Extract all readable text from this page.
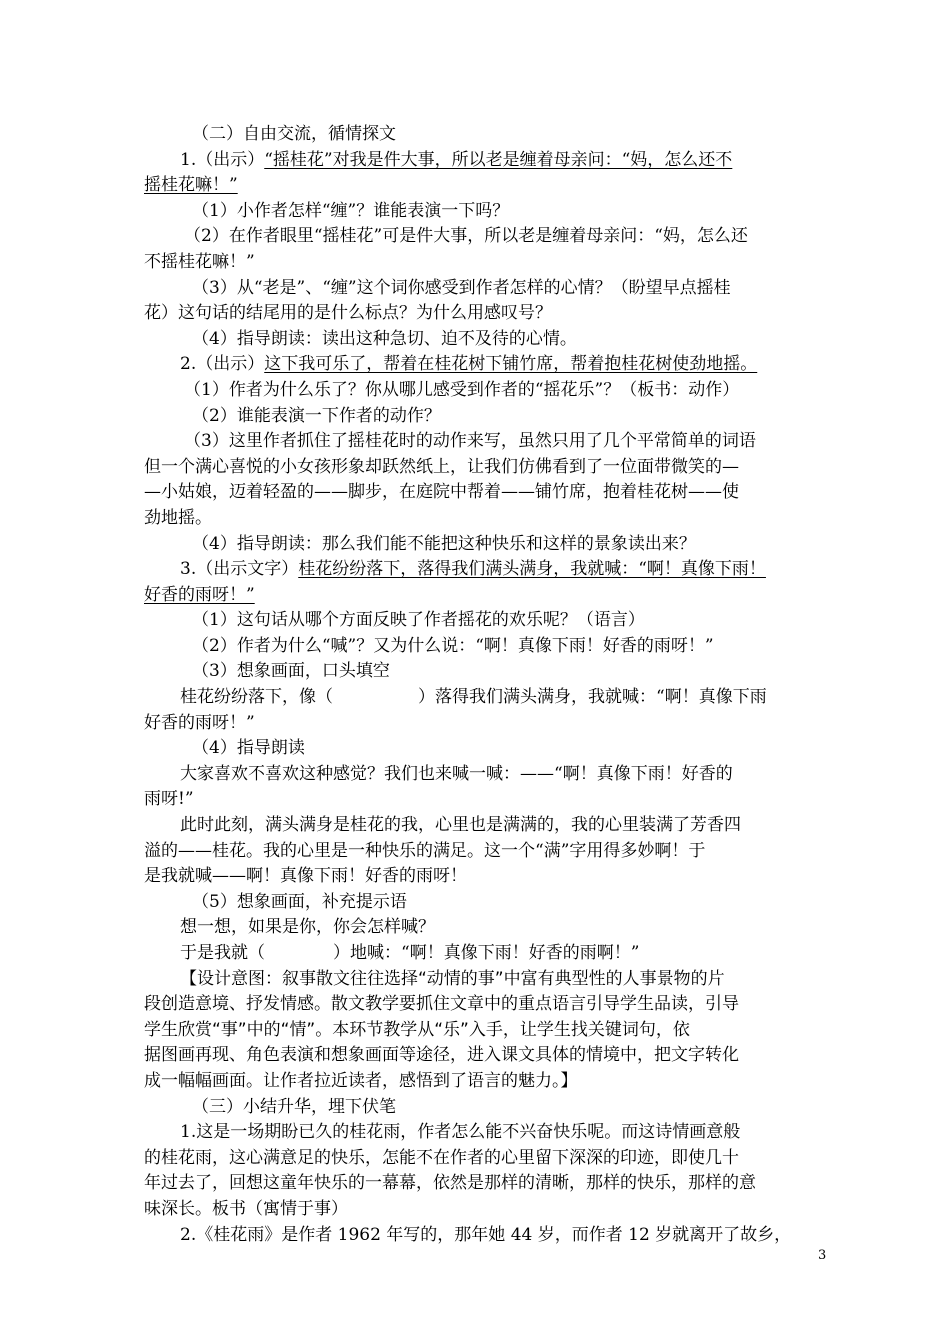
（二）自由交流，循情探文

1.（出示）“摇桂花”对我是件大事，所以老是缠着母亲问：“妈，怎么还不

摇桂花嘛！”

（1）小作者怎样“缠”？谁能表演一下吗？

（2）在作者眼里“摇桂花”可是件大事，所以老是缠着母亲问：“妈，怎么还

不摇桂花嘛！”

（3）从“老是”、“缠”这个词你感受到作者怎样的心情？（盼望早点摇桂

花）这句话的结尾用的是什么标点？为什么用感叹号？

（4）指导朗读：读出这种急切、迫不及待的心情。

2.（出示）这下我可乐了，帮着在桂花树下铺竹席，帮着抱桂花树使劲地摇。

（1）作者为什么乐了？你从哪儿感受到作者的“摇花乐”？（板书：动作）

（2）谁能表演一下作者的动作？

（3）这里作者抓住了摇桂花时的动作来写，虽然只用了几个平常简单的词语

但一个满心喜悦的小女孩形象却跃然纸上，让我们仿佛看到了一位面带微笑的—

—小姑娘，迈着轻盈的——脚步，在庭院中帮着——铺竹席，抱着桂花树——使

劲地摇。

（4）指导朗读：那么我们能不能把这种快乐和这样的景象读出来？

3.（出示文字）桂花纷纷落下，落得我们满头满身，我就喊：“啊！真像下雨！

好香的雨呀！”

（1）这句话从哪个方面反映了作者摇花的欢乐呢？（语言）

（2）作者为什么“喊”？又为什么说：“啊！真像下雨！好香的雨呀！”

（3）想象画面，口头填空

桂花纷纷落下，像（　　　　　）落得我们满头满身，我就喊：“啊！真像下雨

好香的雨呀！”

（4）指导朗读

大家喜欢不喜欢这种感觉？我们也来喊一喊：——“啊！真像下雨！好香的

雨呀!”

此时此刻，满头满身是桂花的我，心里也是满满的，我的心里装满了芳香四

溢的——桂花。我的心里是一种快乐的满足。这一个“满”字用得多妙啊！于

是我就喊——啊！真像下雨！好香的雨呀！

（5）想象画面，补充提示语

想一想，如果是你，你会怎样喊？

于是我就（　　　　）地喊：“啊！真像下雨！好香的雨啊！”

【设计意图：叙事散文往往选择“动情的事”中富有典型性的人事景物的片

段创造意境、抒发情感。散文教学要抓住文章中的重点语言引导学生品读，引导

学生欣赏“事”中的“情”。本环节教学从“乐”入手，让学生找关键词句，依

据图画再现、角色表演和想象画面等途径，进入课文具体的情境中，把文字转化

成一幅幅画面。让作者拉近读者，感悟到了语言的魅力。】

（三）小结升华，埋下伏笔

1.这是一场期盼已久的桂花雨，作者怎么能不兴奋快乐呢。而这诗情画意般

的桂花雨，这心满意足的快乐，怎能不在作者的心里留下深深的印迹，即使几十

年过去了，回想这童年快乐的一幕幕，依然是那样的清晰，那样的快乐，那样的意

味深长。板书（寓情于事）

2.《桂花雨》是作者 1962 年写的，那年她 44 岁，而作者 12 岁就离开了故乡，

3
